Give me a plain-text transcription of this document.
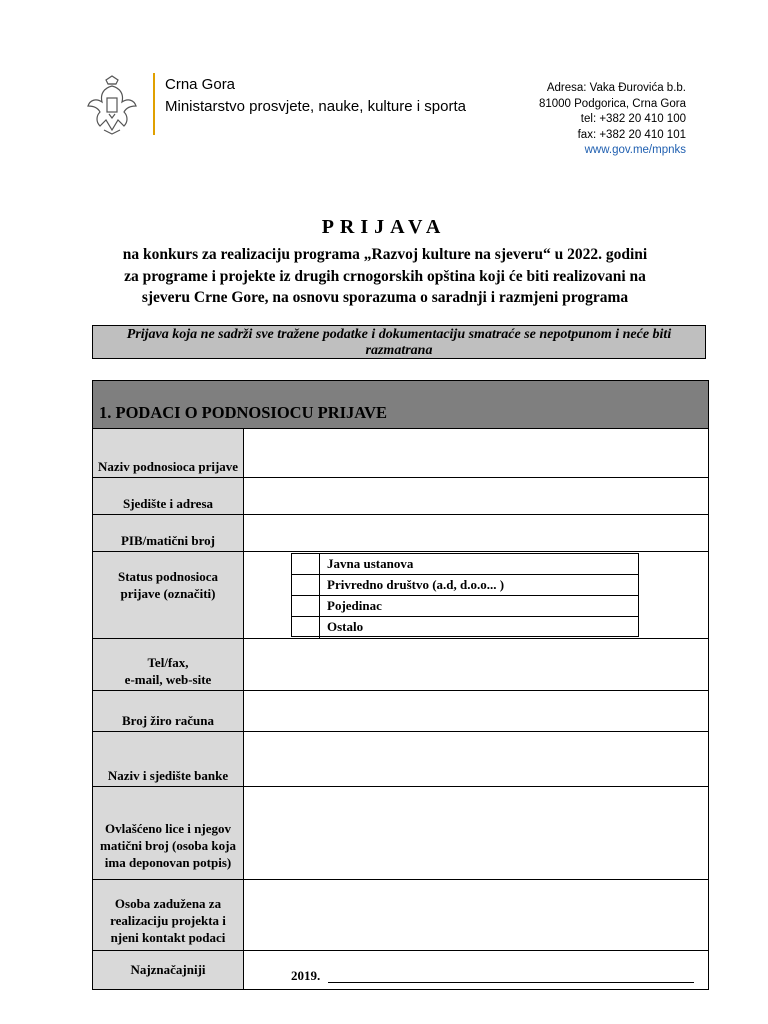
Crna Gora
Ministarstvo prosvjete, nauke, kulture i sporta
Adresa: Vaka Đurovića b.b.
81000 Podgorica, Crna Gora
tel: +382 20 410 100
fax: +382 20 410 101
www.gov.me/mpnks
PRIJAVA
na konkurs za realizaciju programa „Razvoj kulture na sjeveru“ u 2022. godini
za programe i projekte iz drugih crnogorskih opština koji će biti realizovani na
sjeveru Crne Gore, na osnovu sporazuma o saradnji i razmjeni programa
Prijava koja ne sadrži sve tražene podatke i dokumentaciju smatraće se nepotpunom i neće biti razmatrana
1. PODACI O PODNOSIOCU PRIJAVE
Naziv podnosioca prijave
Sjedište i adresa
PIB/matični broj
Status podnosioca prijave (označiti)
Tel/fax,
e-mail, web-site
Broj žiro računa
Naziv i sjedište banke
Ovlašćeno lice i njegov matični broj (osoba koja ima deponovan potpis)
Osoba zadužena za realizaciju projekta i njeni kontakt podaci
Najznačajniji	2019.
Javna ustanova
Privredno društvo (a.d, d.o.o... )
Pojedinac
Ostalo
